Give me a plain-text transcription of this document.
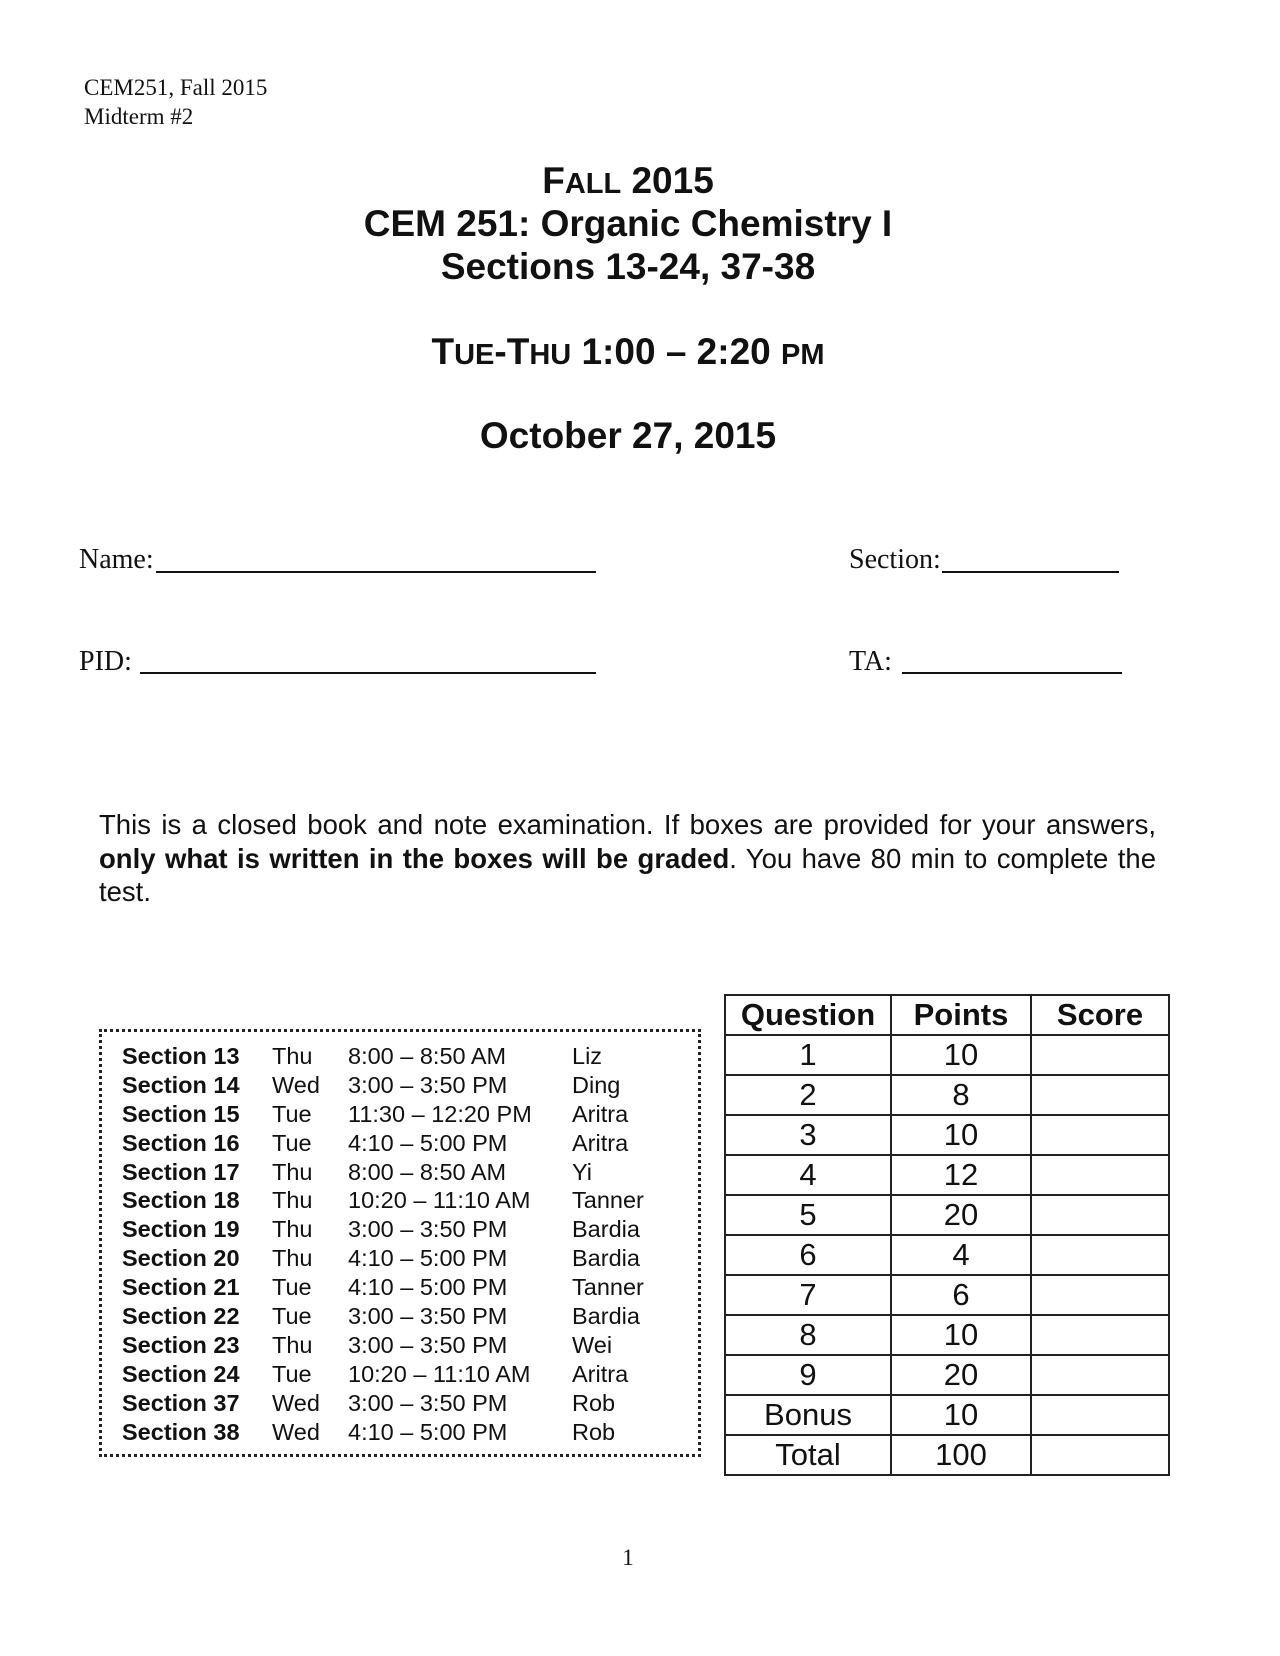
CEM251, Fall 2015
Midterm #2
FALL 2015
CEM 251: Organic Chemistry I
Sections 13-24, 37-38
TUE-THU 1:00 – 2:20 PM
October 27, 2015
Name:	Section:
PID:	TA:
This is a closed book and note examination. If boxes are provided for your answers, only what is written in the boxes will be graded. You have 80 min to complete the test.
Section 13	Thu	8:00 – 8:50 AM	Liz
Section 14	Wed	3:00 – 3:50 PM	Ding
Section 15	Tue	11:30 – 12:20 PM	Aritra
Section 16	Tue	4:10 – 5:00 PM	Aritra
Section 17	Thu	8:00 – 8:50 AM	Yi
Section 18	Thu	10:20 – 11:10 AM	Tanner
Section 19	Thu	3:00 – 3:50 PM	Bardia
Section 20	Thu	4:10 – 5:00 PM	Bardia
Section 21	Tue	4:10 – 5:00 PM	Tanner
Section 22	Tue	3:00 – 3:50 PM	Bardia
Section 23	Thu	3:00 – 3:50 PM	Wei
Section 24	Tue	10:20 – 11:10 AM	Aritra
Section 37	Wed	3:00 – 3:50 PM	Rob
Section 38	Wed	4:10 – 5:00 PM	Rob
Question	Points	Score
1	10	
2	8	
3	10	
4	12	
5	20	
6	4	
7	6	
8	10	
9	20	
Bonus	10	
Total	100	
1
